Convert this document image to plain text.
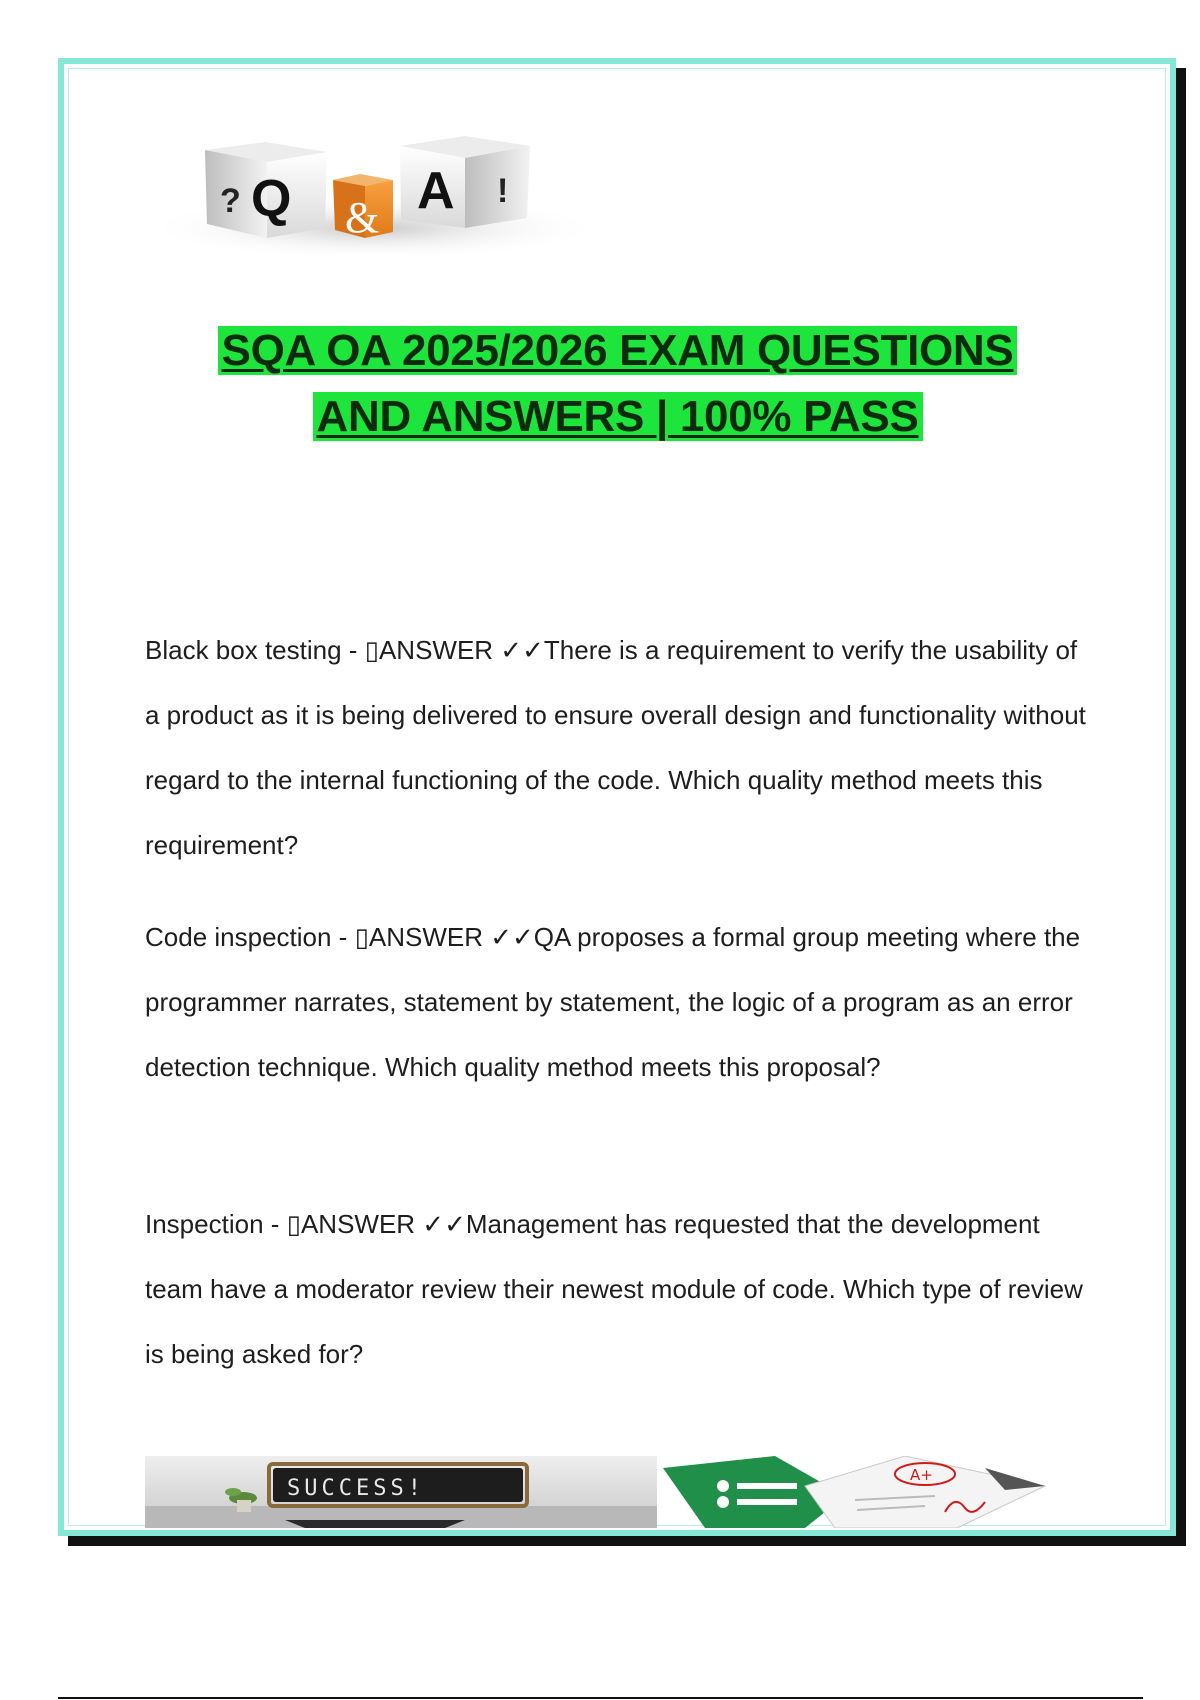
? Q & A !
SQA OA 2025/2026 EXAM QUESTIONS
AND ANSWERS | 100% PASS
Black box testing - ▯ANSWER ✓✓There is a requirement to verify the usability of a product as it is being delivered to ensure overall design and functionality without regard to the internal functioning of the code. Which quality method meets this requirement?
Code inspection - ▯ANSWER ✓✓QA proposes a formal group meeting where the programmer narrates, statement by statement, the logic of a program as an error detection technique. Which quality method meets this proposal?
Inspection - ▯ANSWER ✓✓Management has requested that the development team have a moderator review their newest module of code. Which type of review is being asked for?
SUCCESS!
A+
